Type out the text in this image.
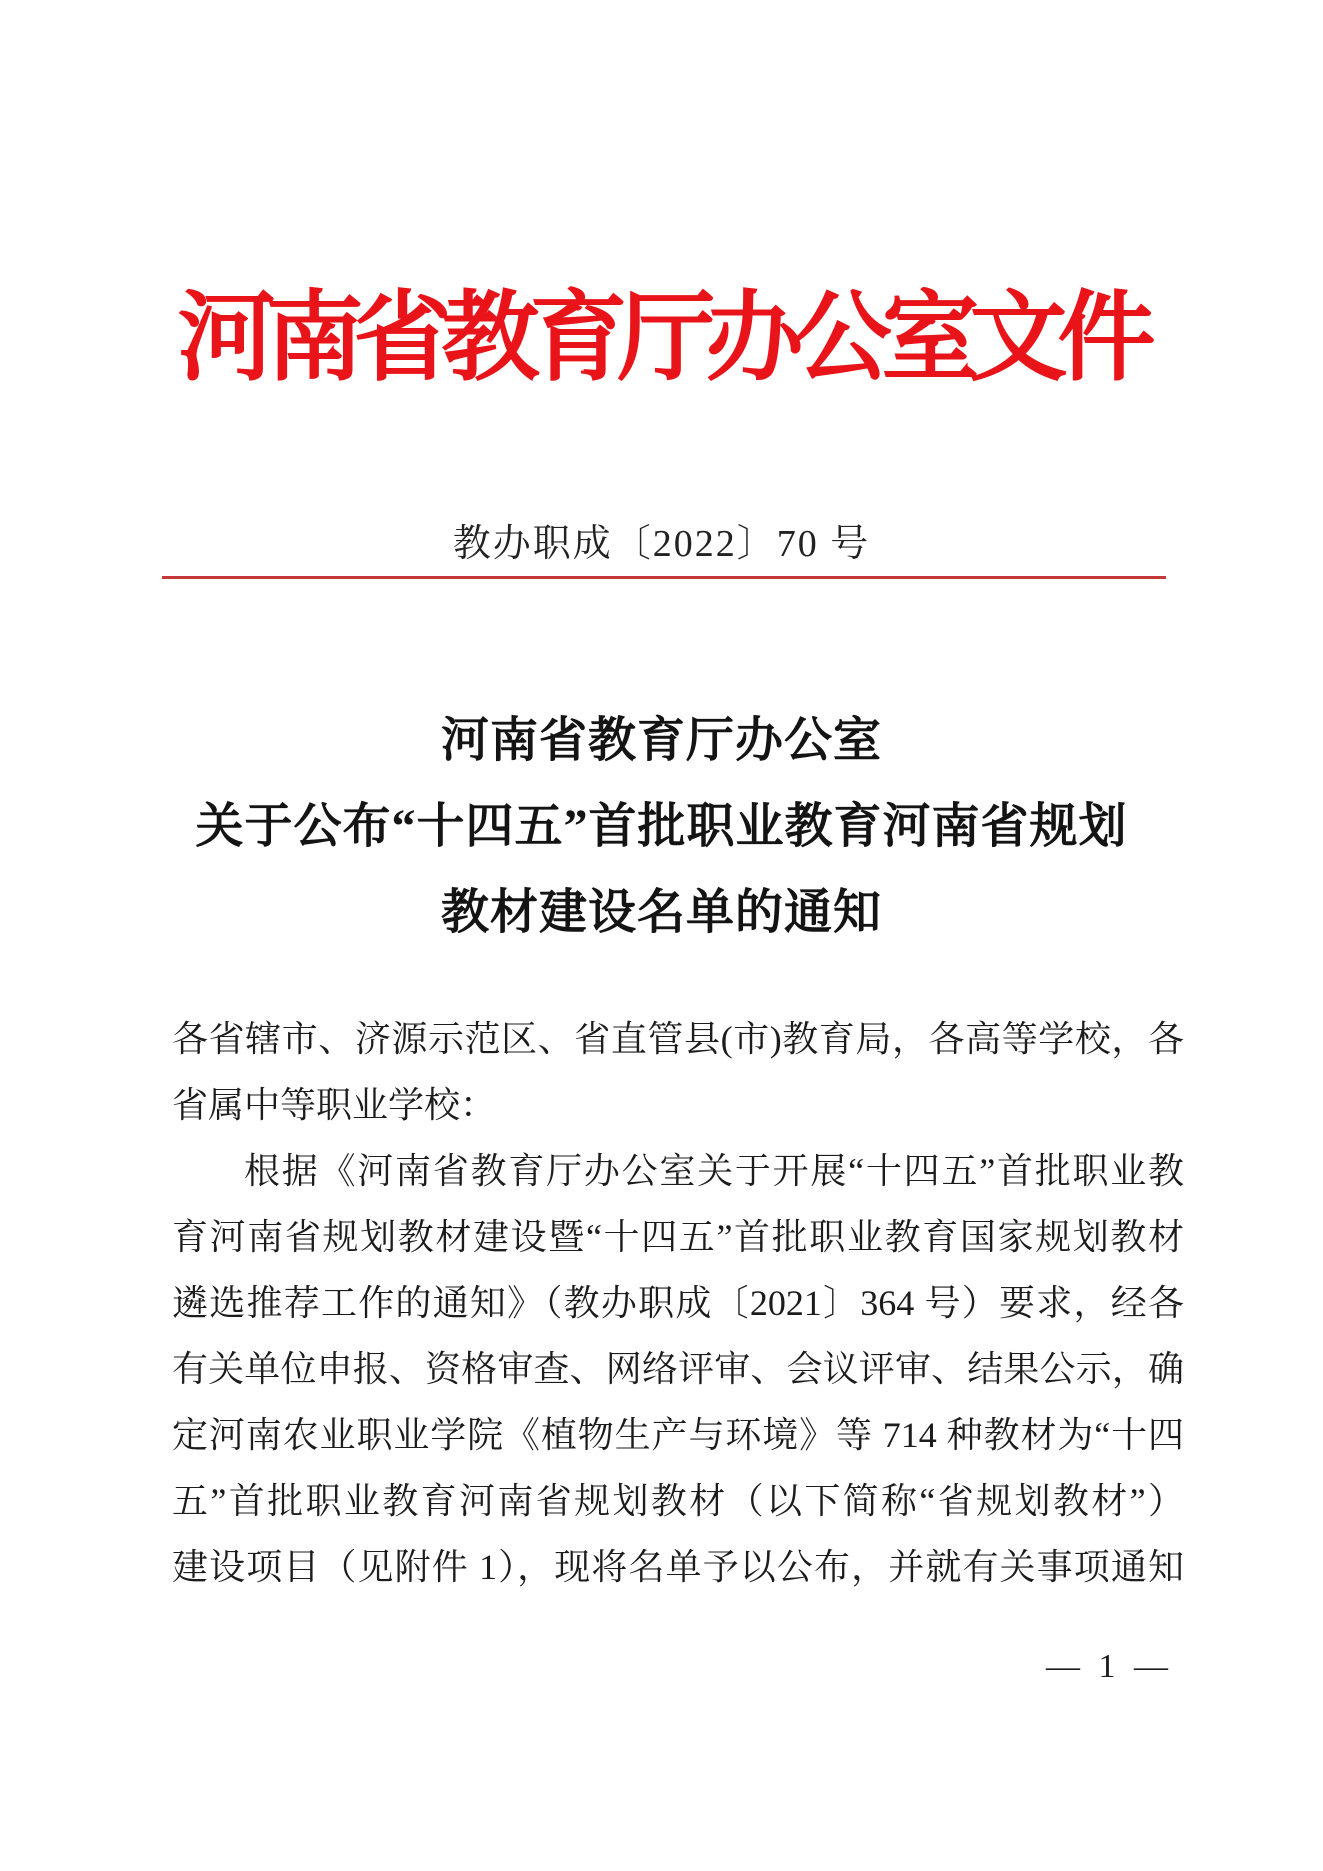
河南省教育厅办公室文件
教办职成〔2022〕70 号
河南省教育厅办公室
关于公布“十四五”首批职业教育河南省规划
教材建设名单的通知
各省辖市、济源示范区、省直管县(市)教育局，各高等学校，各
省属中等职业学校：
根据《河南省教育厅办公室关于开展“十四五”首批职业教
育河南省规划教材建设暨“十四五”首批职业教育国家规划教材
遴选推荐工作的通知》（教办职成〔2021〕364 号）要求，经各
有关单位申报、资格审查、网络评审、会议评审、结果公示，确
定河南农业职业学院《植物生产与环境》等 714 种教材为“十四
五”首批职业教育河南省规划教材（以下简称“省规划教材”）
建设项目（见附件 1），现将名单予以公布，并就有关事项通知
— 1 —
